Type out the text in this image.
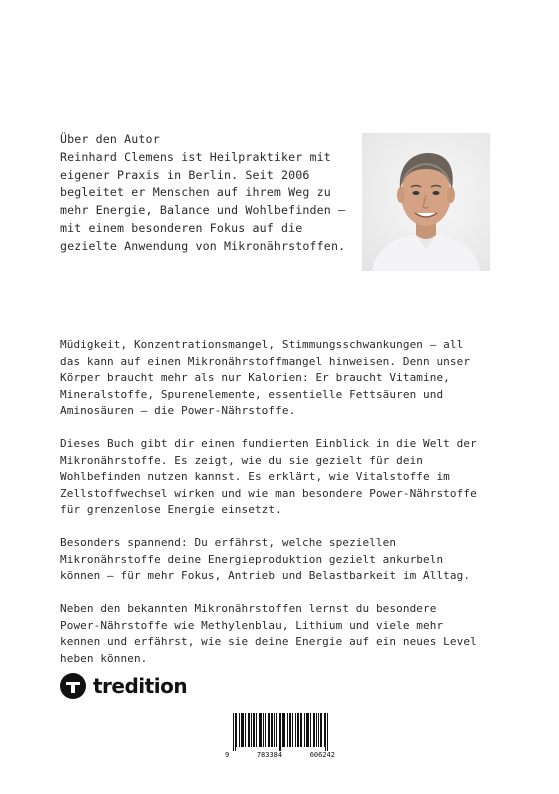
Über den Autor

Reinhard Clemens ist Heilpraktiker mit eigener Praxis in Berlin. Seit 2006 begleitet er Menschen auf ihrem Weg zu mehr Energie, Balance und Wohlbefinden – mit einem besonderen Fokus auf die gezielte Anwendung von Mikronährstoffen.

Müdigkeit, Konzentrationsmangel, Stimmungsschwankungen – all das kann auf einen Mikronährstoffmangel hinweisen. Denn unser Körper braucht mehr als nur Kalorien: Er braucht Vitamine, Mineralstoffe, Spurenelemente, essentielle Fettsäuren und Aminosäuren – die Power-Nährstoffe.

Dieses Buch gibt dir einen fundierten Einblick in die Welt der Mikronährstoffe. Es zeigt, wie du sie gezielt für dein Wohlbefinden nutzen kannst. Es erklärt, wie Vitalstoffe im Zellstoffwechsel wirken und wie man besondere Power-Nährstoffe für grenzenlose Energie einsetzt.

Besonders spannend: Du erfährst, welche speziellen Mikronährstoffe deine Energieproduktion gezielt ankurbeln können – für mehr Fokus, Antrieb und Belastbarkeit im Alltag.

Neben den bekannten Mikronährstoffen lernst du besondere Power-Nährstoffe wie Methylenblau, Lithium und viele mehr kennen und erfährst, wie sie deine Energie auf ein neues Level heben können.

tredition
9	783384	606242
